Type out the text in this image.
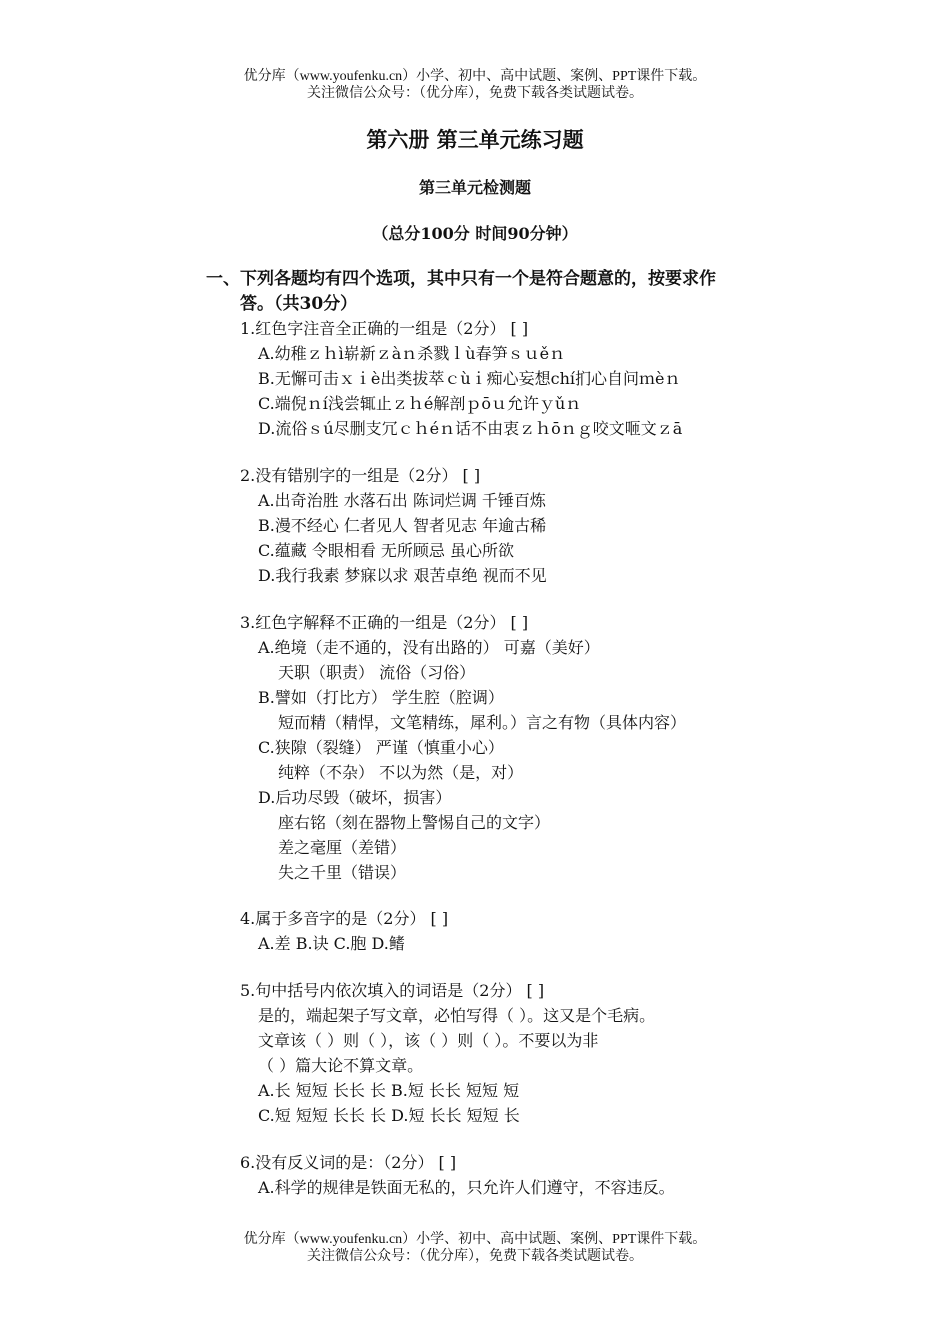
优分库（www.youfenku.cn）小学、初中、高中试题、案例、PPT课件下载。
关注微信公众号：（优分库），免费下载各类试题试卷。
第六册 第三单元练习题
第三单元检测题
（总分100分 时间90分钟）
一、下列各题均有四个选项，其中只有一个是符合题意的，按要求作
答。（共30分）
1.红色字注音全正确的一组是（2分） [ ]
A.幼稚ｚｈì崭新ｚàｎ杀戮ｌù春笋ｓｕěｎ
B.无懈可击ｘｉè出类拔萃ｃùｉ痴心妄想chí扪心自问ｍèｎ
C.端倪ｎí浅尝辄止ｚｈé解剖ｐōｕ允许ｙǔｎ
D.流俗ｓú尽删支冗ｃｈéｎ话不由衷ｚｈōｎｇ咬文咂文ｚā
2.没有错别字的一组是（2分） [ ]
A.出奇治胜 水落石出 陈词烂调 千锤百炼
B.漫不经心 仁者见人 智者见志 年逾古稀
C.蕴藏 令眼相看 无所顾忌 虽心所欲
D.我行我素 梦寐以求 艰苦卓绝 视而不见
3.红色字解释不正确的一组是（2分） [ ]
A.绝境（走不通的，没有出路的） 可嘉（美好）
天职（职责） 流俗（习俗）
B.譬如（打比方） 学生腔（腔调）
短而精（精悍，文笔精练，犀利。）言之有物（具体内容）
C.狭隙（裂缝） 严谨（慎重小心）
纯粹（不杂） 不以为然（是，对）
D.后功尽毁（破坏，损害）
座右铭（刻在器物上警惕自己的文字）
差之毫厘（差错）
失之千里（错误）
4.属于多音字的是（2分） [ ]
A.差 B.诀 C.胞 D.鳍
5.句中括号内依次填入的词语是（2分） [ ]
是的，端起架子写文章，必怕写得（ ）。这又是个毛病。
文章该（ ）则（ ），该（ ）则（ ）。不要以为非
（ ）篇大论不算文章。
A.长 短短 长长 长 B.短 长长 短短 短
C.短 短短 长长 长 D.短 长长 短短 长
6.没有反义词的是：（2分） [ ]
A.科学的规律是铁面无私的，只允许人们遵守，不容违反。
优分库（www.youfenku.cn）小学、初中、高中试题、案例、PPT课件下载。
关注微信公众号：（优分库），免费下载各类试题试卷。
